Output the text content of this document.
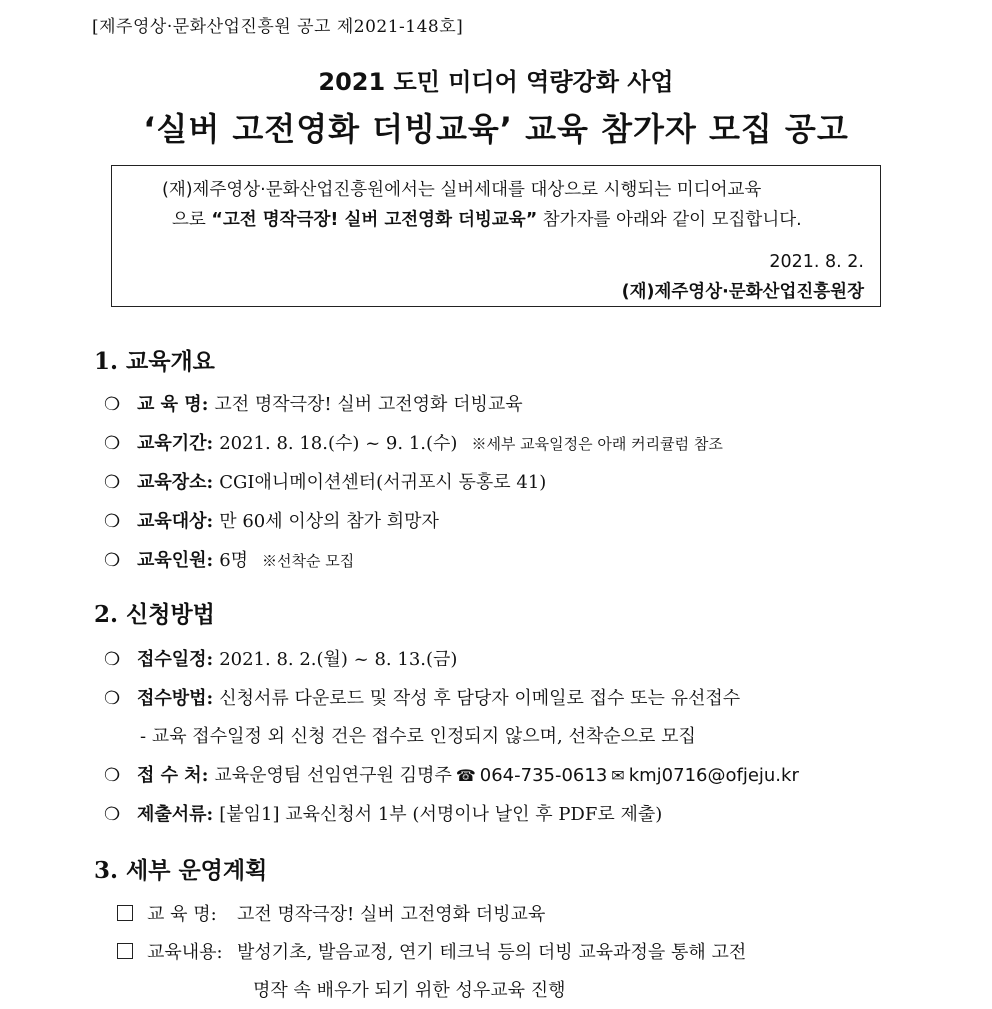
[제주영상·문화산업진흥원 공고 제2021-148호]
2021 도민 미디어 역량강화 사업
‘실버 고전영화 더빙교육’ 교육 참가자 모집 공고
(재)제주영상·문화산업진흥원에서는 실버세대를 대상으로 시행되는 미디어교육
으로 “고전 명작극장! 실버 고전영화 더빙교육” 참가자를 아래와 같이 모집합니다.
2021. 8. 2.
(재)제주영상·문화산업진흥원장
1. 교육개요
❍ 교 육 명: 고전 명작극장! 실버 고전영화 더빙교육
❍ 교육기간: 2021. 8. 18.(수) ~ 9. 1.(수) ※세부 교육일정은 아래 커리큘럼 참조
❍ 교육장소: CGI애니메이션센터(서귀포시 동홍로 41)
❍ 교육대상: 만 60세 이상의 참가 희망자
❍ 교육인원: 6명 ※선착순 모집
2. 신청방법
❍ 접수일정: 2021. 8. 2.(월) ~ 8. 13.(금)
❍ 접수방법: 신청서류 다운로드 및 작성 후 담당자 이메일로 접수 또는 유선접수
- 교육 접수일정 외 신청 건은 접수로 인정되지 않으며, 선착순으로 모집
❍ 접 수 처: 교육운영팀 선임연구원 김명주 ☎ 064-735-0613 ✉ kmj0716@ofjeju.kr
❍ 제출서류: [붙임1] 교육신청서 1부 (서명이나 날인 후 PDF로 제출)
3. 세부 운영계획
교 육 명:	고전 명작극장! 실버 고전영화 더빙교육
교육내용: 발성기초, 발음교정, 연기 테크닉 등의 더빙 교육과정을 통해 고전
명작 속 배우가 되기 위한 성우교육 진행
